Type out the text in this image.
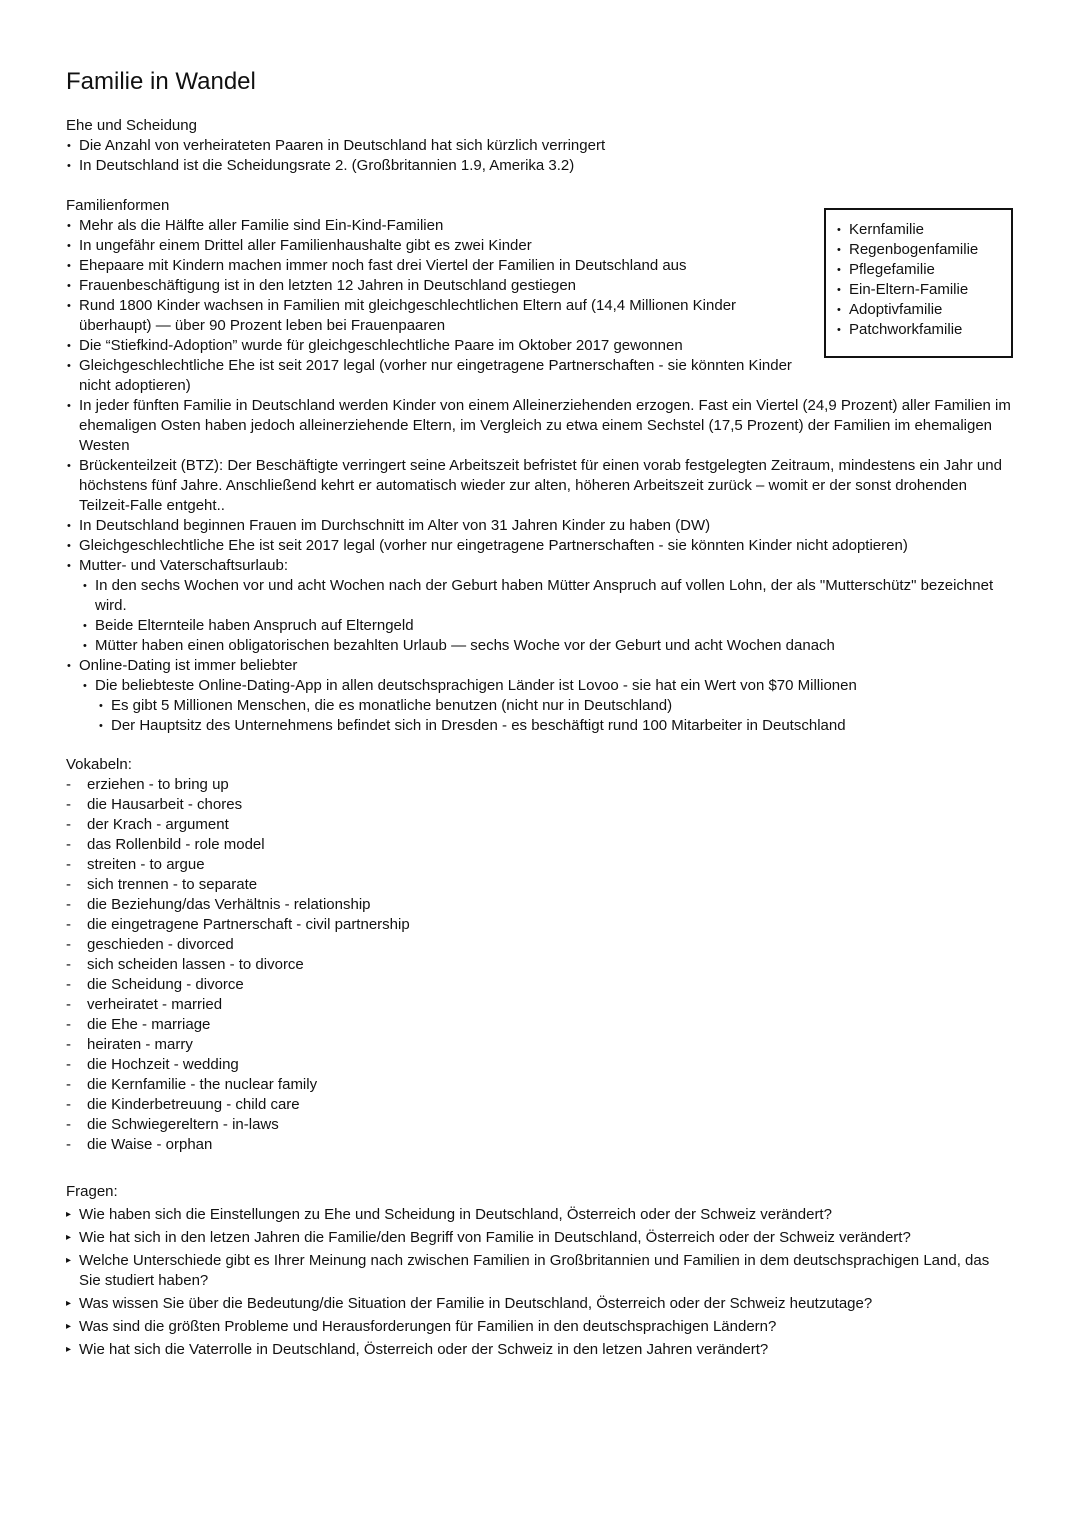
Familie in Wandel
Ehe und Scheidung
• Die Anzahl von verheirateten Paaren in Deutschland hat sich kürzlich verringert
• In Deutschland ist die Scheidungsrate 2. (Großbritannien 1.9, Amerika 3.2)
Familienformen
• Mehr als die Hälfte aller Familie sind Ein-Kind-Familien
• In ungefähr einem Drittel aller Familienhaushalte gibt es zwei Kinder
• Ehepaare mit Kindern machen immer noch fast drei Viertel der Familien in Deutschland aus
• Frauenbeschäftigung ist in den letzten 12 Jahren in Deutschland gestiegen
• Rund 1800 Kinder wachsen in Familien mit gleichgeschlechtlichen Eltern auf (14,4 Millionen Kinder überhaupt) — über 90 Prozent leben bei Frauenpaaren
• Die “Stiefkind-Adoption” wurde für gleichgeschlechtliche Paare im Oktober 2017 gewonnen
• Gleichgeschlechtliche Ehe ist seit 2017 legal (vorher nur eingetragene Partnerschaften - sie könnten Kinder nicht adoptieren)
• In jeder fünften Familie in Deutschland werden Kinder von einem Alleinerziehenden erzogen. Fast ein Viertel (24,9 Prozent) aller Familien im ehemaligen Osten haben jedoch alleinerziehende Eltern, im Vergleich zu etwa einem Sechstel (17,5 Prozent) der Familien im ehemaligen Westen
• Brückenteilzeit (BTZ): Der Beschäftigte verringert seine Arbeitszeit befristet für einen vorab festgelegten Zeitraum, mindestens ein Jahr und höchstens fünf Jahre. Anschließend kehrt er automatisch wieder zur alten, höheren Arbeitszeit zurück – womit er der sonst drohenden Teilzeit-Falle entgeht..
• In Deutschland beginnen Frauen im Durchschnitt im Alter von 31 Jahren Kinder zu haben (DW)
• Gleichgeschlechtliche Ehe ist seit 2017 legal (vorher nur eingetragene Partnerschaften - sie könnten Kinder nicht adoptieren)
• Mutter- und Vaterschaftsurlaub:
• In den sechs Wochen vor und acht Wochen nach der Geburt haben Mütter Anspruch auf vollen Lohn, der als "Mutterschütz" bezeichnet wird.
• Beide Elternteile haben Anspruch auf Elterngeld
• Mütter haben einen obligatorischen bezahlten Urlaub — sechs Woche vor der Geburt und acht Wochen danach
• Online-Dating ist immer beliebter
• Die beliebteste Online-Dating-App in allen deutschsprachigen Länder ist Lovoo - sie hat ein Wert von $70 Millionen
• Es gibt 5 Millionen Menschen, die es monatliche benutzen (nicht nur in Deutschland)
• Der Hauptsitz des Unternehmens befindet sich in Dresden - es beschäftigt rund 100 Mitarbeiter in Deutschland
• Kernfamilie
• Regenbogenfamilie
• Pflegefamilie
• Ein-Eltern-Familie
• Adoptivfamilie
• Patchworkfamilie
Vokabeln:
- erziehen - to bring up
- die Hausarbeit - chores
- der Krach - argument
- das Rollenbild - role model
- streiten - to argue
- sich trennen - to separate
- die Beziehung/das Verhältnis - relationship
- die eingetragene Partnerschaft - civil partnership
- geschieden - divorced
- sich scheiden lassen - to divorce
- die Scheidung - divorce
- verheiratet - married
- die Ehe - marriage
- heiraten - marry
- die Hochzeit - wedding
- die Kernfamilie - the nuclear family
- die Kinderbetreuung - child care
- die Schwiegereltern - in-laws
- die Waise - orphan
Fragen:
▸ Wie haben sich die Einstellungen zu Ehe und Scheidung in Deutschland, Österreich oder der Schweiz verändert?
▸ Wie hat sich in den letzen Jahren die Familie/den Begriff von Familie in Deutschland, Österreich oder der Schweiz verändert?
▸ Welche Unterschiede gibt es Ihrer Meinung nach zwischen Familien in Großbritannien und Familien in dem deutschsprachigen Land, das Sie studiert haben?
▸ Was wissen Sie über die Bedeutung/die Situation der Familie in Deutschland, Österreich oder der Schweiz heutzutage?
▸ Was sind die größten Probleme und Herausforderungen für Familien in den deutschsprachigen Ländern?
▸ Wie hat sich die Vaterrolle in Deutschland, Österreich oder der Schweiz in den letzen Jahren verändert?
